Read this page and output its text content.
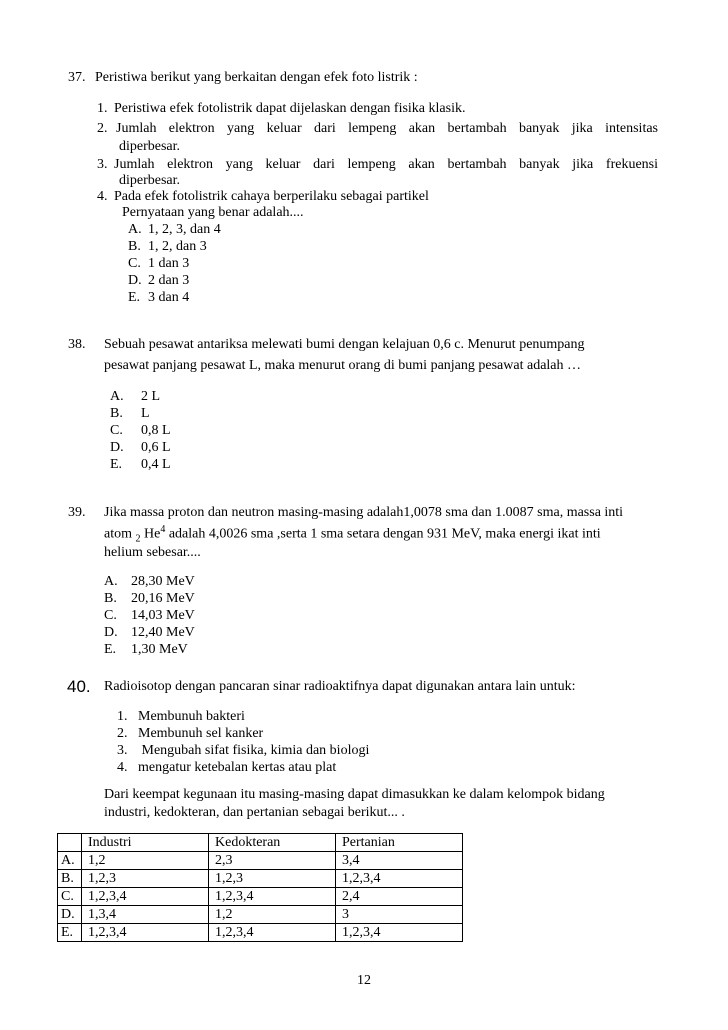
37. Peristiwa berikut yang berkaitan dengan efek foto listrik :
1. Peristiwa efek fotolistrik dapat dijelaskan dengan fisika klasik.
2. Jumlah elektron yang keluar dari lempeng akan bertambah banyak jika intensitas
diperbesar.
3. Jumlah elektron yang keluar dari lempeng akan bertambah banyak jika frekuensi
diperbesar.
4. Pada efek fotolistrik cahaya berperilaku sebagai partikel
Pernyataan yang benar adalah....
A. 1, 2, 3, dan 4
B. 1, 2, dan 3
C. 1 dan 3
D. 2 dan 3
E. 3 dan 4
38. Sebuah pesawat antariksa melewati bumi dengan kelajuan 0,6 c. Menurut penumpang
pesawat panjang pesawat L, maka menurut orang di bumi panjang pesawat adalah …
A. 2 L
B. L
C. 0,8 L
D. 0,6 L
E. 0,4 L
39. Jika massa proton dan neutron masing-masing adalah1,0078 sma dan 1.0087 sma, massa inti
atom $_2$ He$^4$ adalah 4,0026 sma ,serta 1 sma setara dengan 931 MeV, maka energi ikat inti
helium sebesar....
A. 28,30 MeV
B. 20,16 MeV
C. 14,03 MeV
D. 12,40 MeV
E. 1,30 MeV
40. Radioisotop dengan pancaran sinar radioaktifnya dapat digunakan antara lain untuk:
1. Membunuh bakteri
2. Membunuh sel kanker
3. Mengubah sifat fisika, kimia dan biologi
4. mengatur ketebalan kertas atau plat
Dari keempat kegunaan itu masing-masing dapat dimasukkan ke dalam kelompok bidang
industri, kedokteran, dan pertanian sebagai berikut... .
	Industri	Kedokteran	Pertanian
A.	1,2	2,3	3,4
B.	1,2,3	1,2,3	1,2,3,4
C.	1,2,3,4	1,2,3,4	2,4
D.	1,3,4	1,2	3
E.	1,2,3,4	1,2,3,4	1,2,3,4
12
